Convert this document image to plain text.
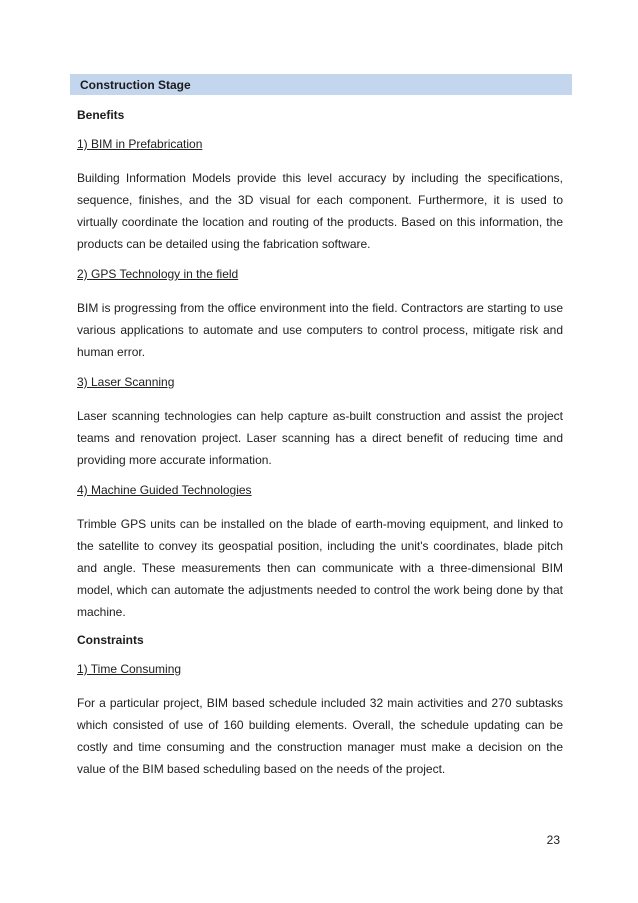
Construction Stage
Benefits
1) BIM in Prefabrication

Building Information Models provide this level accuracy by including the specifications, sequence, finishes, and the 3D visual for each component. Furthermore, it is used to virtually coordinate the location and routing of the products. Based on this information, the products can be detailed using the fabrication software.

2) GPS Technology in the field

BIM is progressing from the office environment into the field. Contractors are starting to use various applications to automate and use computers to control process, mitigate risk and human error.

3) Laser Scanning

Laser scanning technologies can help capture as-built construction and assist the project teams and renovation project. Laser scanning has a direct benefit of reducing time and providing more accurate information.

4) Machine Guided Technologies

Trimble GPS units can be installed on the blade of earth-moving equipment, and linked to the satellite to convey its geospatial position, including the unit's coordinates, blade pitch and angle. These measurements then can communicate with a three-dimensional BIM model, which can automate the adjustments needed to control the work being done by that machine.

Constraints
1) Time Consuming

For a particular project, BIM based schedule included 32 main activities and 270 subtasks which consisted of use of 160 building elements. Overall, the schedule updating can be costly and time consuming and the construction manager must make a decision on the value of the BIM based scheduling based on the needs of the project.

23
